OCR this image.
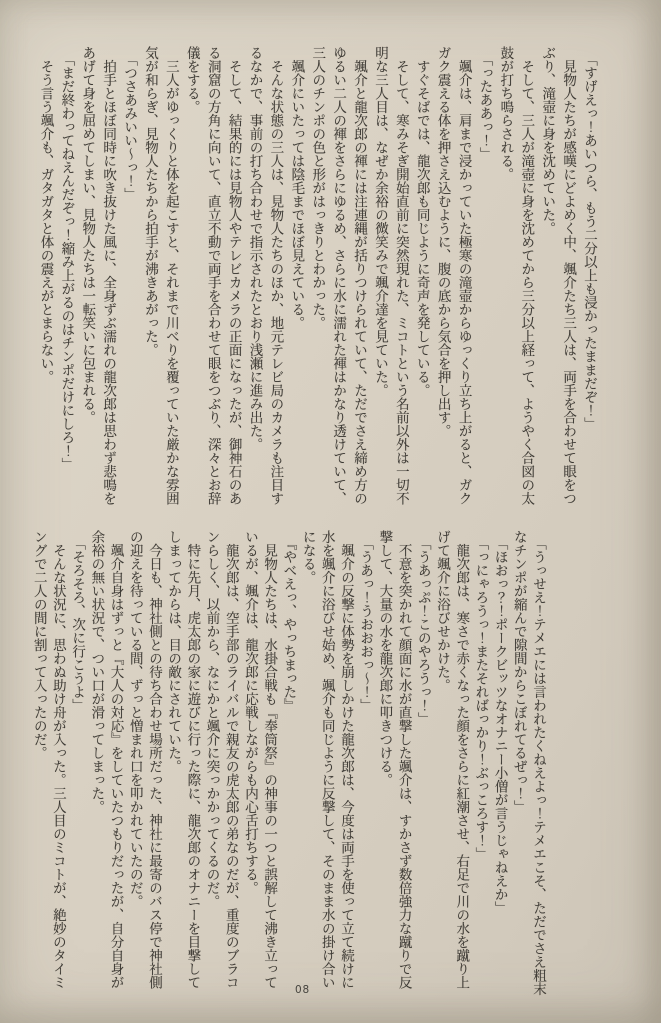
　「すげえっ！あいつら、もう二分以上も浸かったままだぞ！」
　見物人たちが感嘆にどよめく中、颯介たち三人は、両手を合わせて眼をつ
ぶり、滝壺に身を沈めていた。
　そして、三人が滝壺に身を沈めてから三分以上経って、ようやく合図の太
鼓が打ち鳴らされる。
　「ったああっ！」
　颯介は、肩まで浸かっていた極寒の滝壺からゆっくり立ち上がると、ガク
ガク震える体を押さえ込むように、腹の底から気合を押し出す。
　すぐそばでは、龍次郎も同じように奇声を発している。
　そして、寒みそぎ開始直前に突然現れた、ミコトという名前以外は一切不
明な三人目は、なぜか余裕の微笑みで颯介達を見ていた。
　颯介と龍次郎の褌には注連縄が括りつけられていて、ただでさえ締め方の
ゆるい二人の褌をさらにゆるめ、さらに水に濡れた褌はかなり透けていて、
三人のチンポの色と形がはっきりとわかった。
　颯介にいたっては陰毛までほぼ見えている。
　そんな状態の三人は、見物人たちのほか、地元テレビ局のカメラも注目す
るなかで、事前の打ち合わせで指示されたとおり浅瀬に進み出た。
　そして、結果的には見物人やテレビカメラの正面になったが、御神石のあ
る洞窟の方角に向いて、直立不動で両手を合わせて眼をつぶり、深々とお辞
儀をする。
　三人がゆっくりと体を起こすと、それまで川べりを覆っていた厳かな雰囲
気が和らぎ、見物人たちから拍手が沸きあがった。
　「つさあみいい～っ！」
　拍手とほぼ同時に吹き抜けた風に、全身ずぶ濡れの龍次郎は思わず悲鳴を
あげて身を屈めてしまい、見物人たちは一転笑いに包まれる。
　「まだ終わってねえんだぞっ！縮み上がるのはチンポだけにしろ！」
　そう言う颯介も、ガタガタと体の震えがとまらない。
　「うっせえ！テメエには言われたくねえよっ！テメエこそ、ただでさえ粗末
なチンポが縮んで隙間からこぼれてるぜっ！」
　「ほおっ？！ポークビッツなオナニー小僧が言うじゃねえか」
　「っにゃろうっ！またそればっかり！ぶっころす！」
　龍次郎は、寒さで赤くなった顔をさらに紅潮させ、右足で川の水を蹴り上
げて颯介に浴びせかけた。
　「うあっぷ！このやろうっ！」
　不意を突かれて顔面に水が直撃した颯介は、すかさず数倍強力な蹴りで反
撃して、大量の水を龍次郎に叩きつける。
　「うあっ！うおおおっ～！」
　颯介の反撃に体勢を崩しかけた龍次郎は、今度は両手を使って立て続けに
水を颯介に浴びせ始め、颯介も同じように反撃して、そのまま水の掛け合い
になる。
　『やべえっ、やっちまった』
　見物人たちは、水掛合戦も『奉筒祭』の神事の一つと誤解して沸き立って
いるが、颯介は、龍次郎に応戦しながらも内心舌打ちする。
　龍次郎は、空手部のライバルで親友の虎太郎の弟なのだが、重度のブラコ
ンらしく、以前から、なにかと颯介に突っかかってくるのだ。
　特に先月、虎太郎の家に遊びに行った際に、龍次郎のオナニーを目撃して
しまってからは、目の敵にされていた。
　今日も、神社側との待ち合わせ場所だった、神社に最寄のバス停で神社側
の迎えを待っている間、ずっと憎まれ口を叩かれていたのだ。
　颯介自身はずっと『大人の対応』をしていたつもりだったが、自分自身が
余裕の無い状況で、つい口が滑ってしまった。
　「そろそろ、次に行こうよ」
　そんな状況に、思わぬ助け舟が入った。三人目のミコトが、絶妙のタイミ
ングで二人の間に割って入ったのだ。
08
